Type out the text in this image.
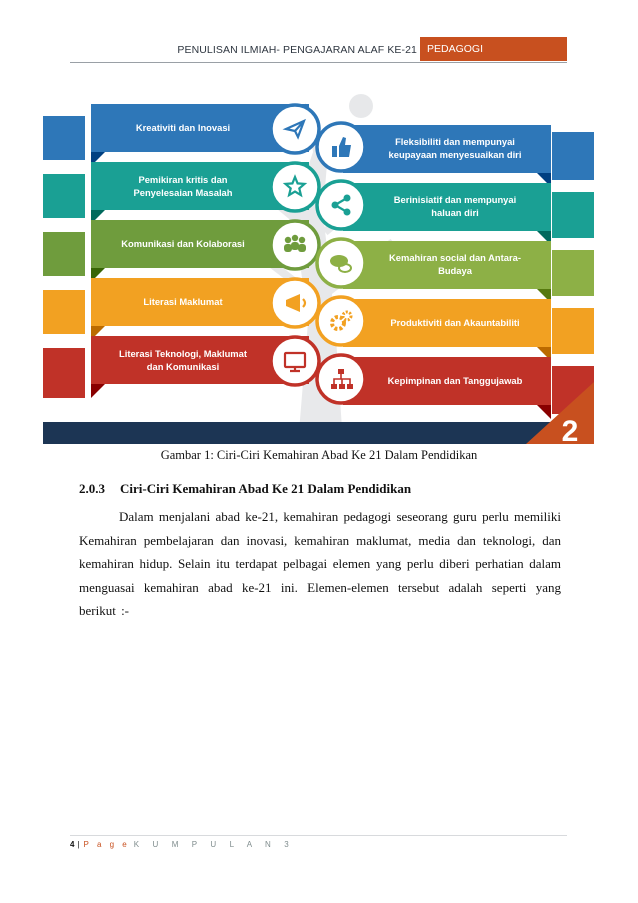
PENULISAN ILMIAH- PENGAJARAN ALAF KE-21 PEDAGOGI
2
Kreativiti dan Inovasi
Pemikiran kritis dan
Penyelesaian Masalah
Komunikasi dan Kolaborasi
Literasi Maklumat
Literasi Teknologi, Maklumat
dan Komunikasi
Fleksibiliti dan mempunyai
keupayaan menyesuaikan diri
Berinisiatif dan mempunyai
haluan diri
Kemahiran social dan Antara-
Budaya
Produktiviti dan Akauntabiliti
Kepimpinan dan Tanggujawab
Gambar 1: Ciri-Ciri Kemahiran Abad Ke 21 Dalam Pendidikan
2.0.3 Ciri-Ciri Kemahiran Abad Ke 21 Dalam Pendidikan
Dalam menjalani abad ke-21, kemahiran pedagogi seseorang guru perlu memiliki Kemahiran pembelajaran dan inovasi, kemahiran maklumat, media dan teknologi, dan kemahiran hidup. Selain itu terdapat pelbagai elemen yang perlu diberi perhatian dalam menguasai kemahiran abad ke-21 ini. Elemen-elemen tersebut adalah seperti yang berikut :-
4 | P a g e K U M P U L A N 3
